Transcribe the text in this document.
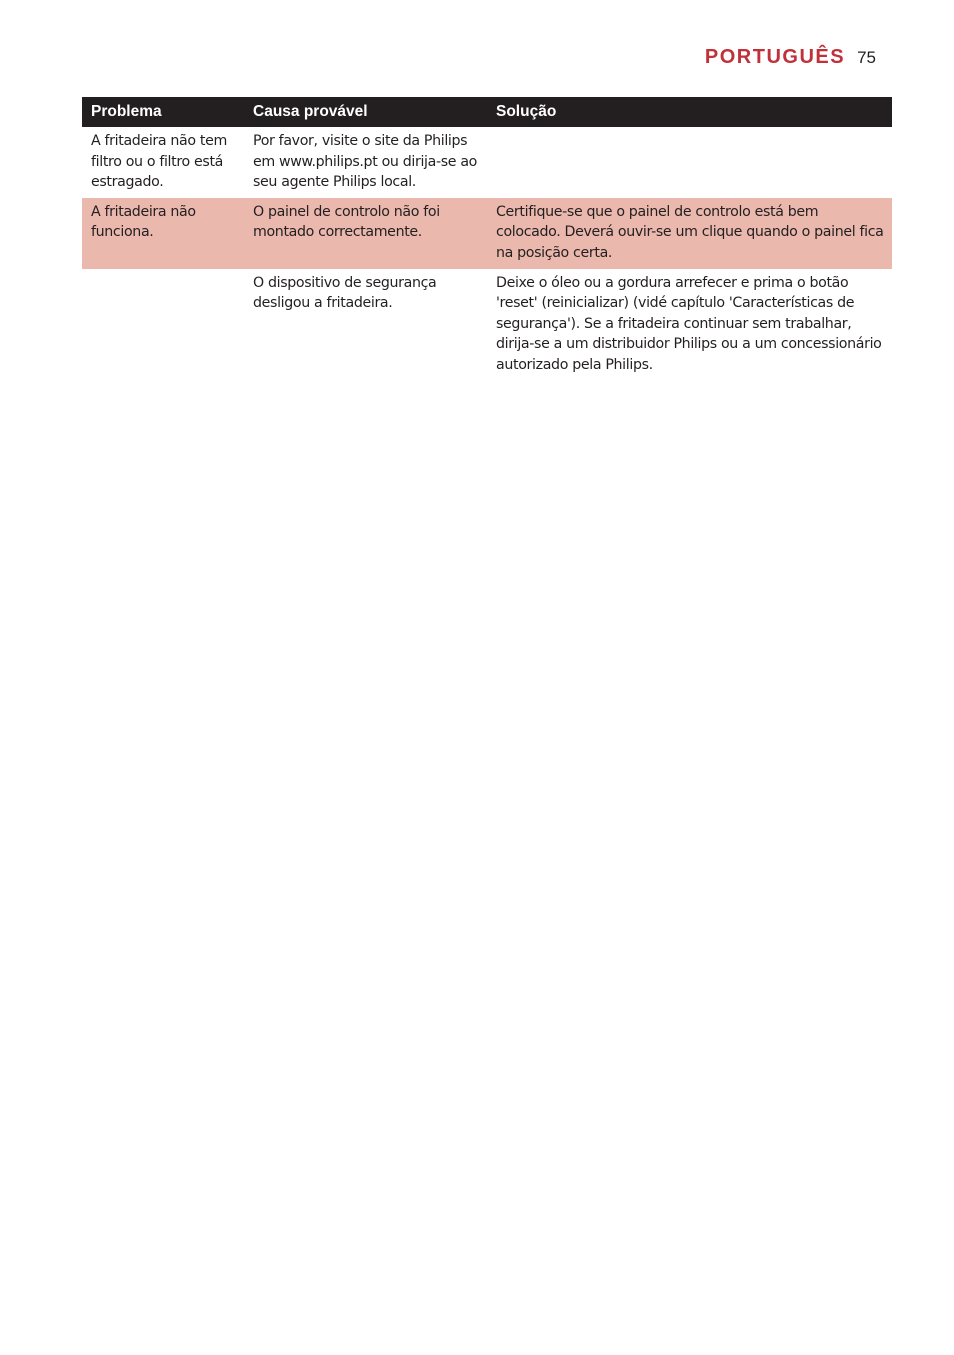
PORTUGUÊS 75
Problema	Causa provável	Solução
A fritadeira não tem filtro ou o filtro está estragado.	Por favor, visite o site da Philips em www.philips.pt ou dirija-se ao seu agente Philips local.	
A fritadeira não funciona.	O painel de controlo não foi montado correctamente.	Certifique-se que o painel de controlo está bem colocado. Deverá ouvir-se um clique quando o painel fica na posição certa.
	O dispositivo de segurança desligou a fritadeira.	Deixe o óleo ou a gordura arrefecer e prima o botão 'reset' (reinicializar) (vidé capítulo 'Características de segurança'). Se a fritadeira continuar sem trabalhar, dirija-se a um distribuidor Philips ou a um concessionário autorizado pela Philips.
